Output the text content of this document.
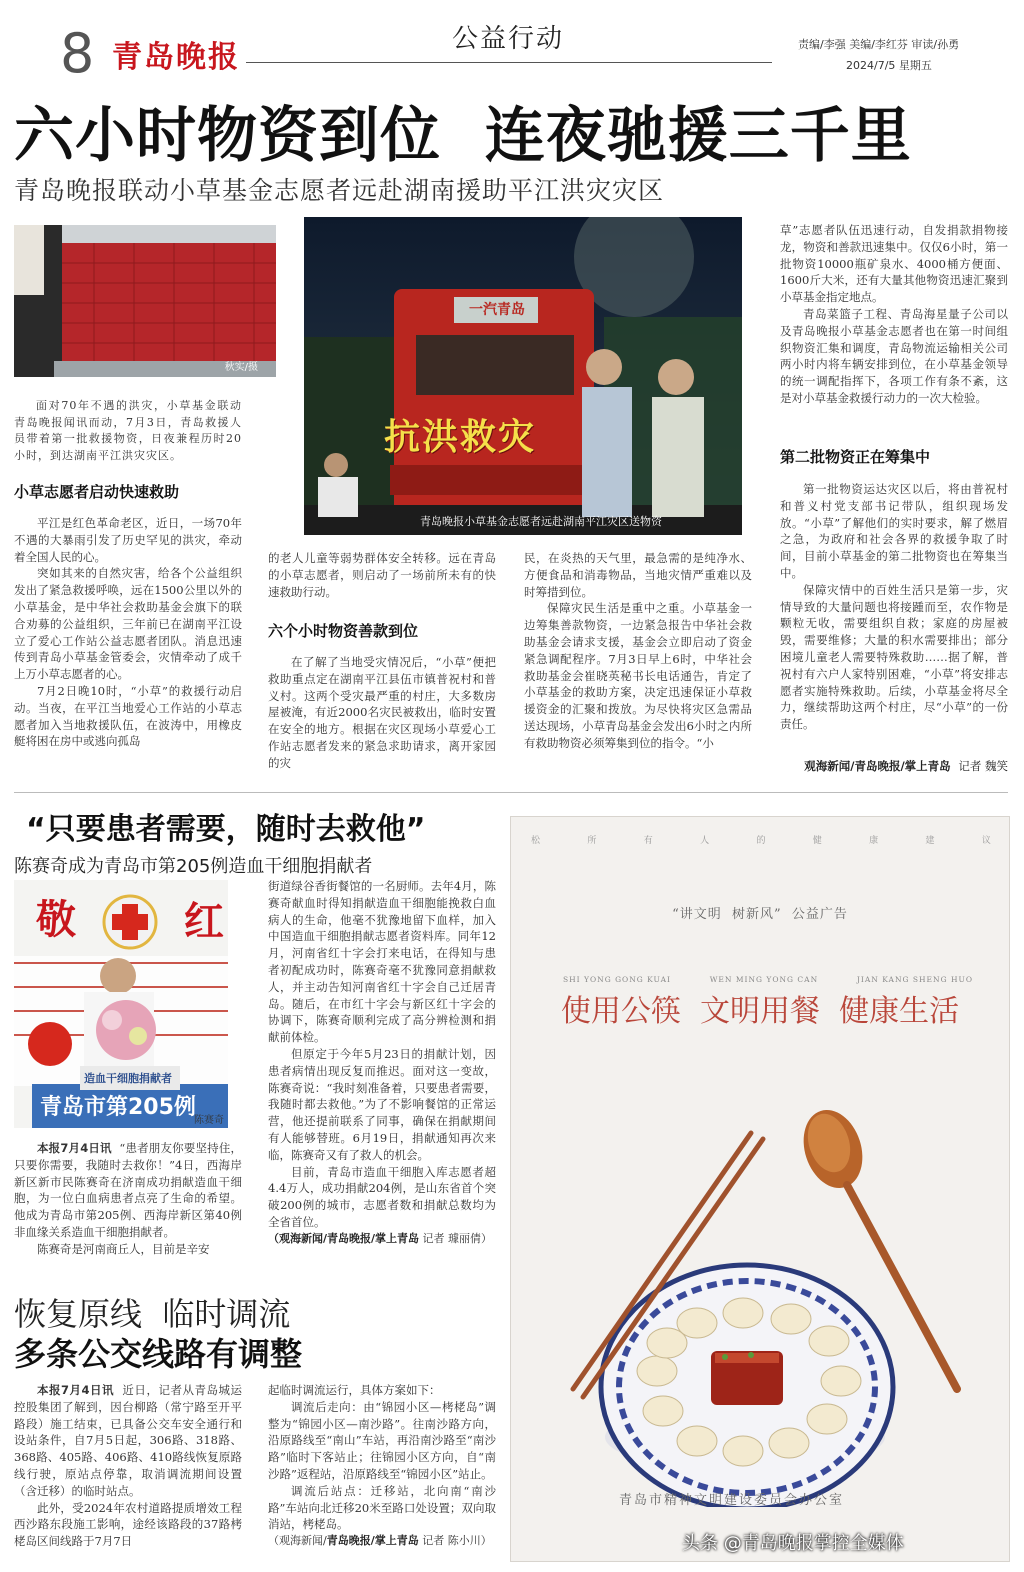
8 青岛晚报
公益行动	责编/李强 美编/李红芬 审读/孙勇
2024/7/5 星期五
六小时物资到位  连夜驰援三千里
青岛晚报联动小草基金志愿者远赴湖南援助平江洪灾灾区
秋实/摄
一汽青岛
抗洪救灾
青岛晚报小草基金志愿者远赴湖南平江灾区送物资
面对70年不遇的洪灾，小草基金联动青岛晚报闻讯而动，7月3日，青岛救援人员带着第一批救援物资，日夜兼程历时20小时，到达湖南平江洪灾灾区。
小草志愿者启动快速救助

平江是红色革命老区，近日，一场70年不遇的大暴雨引发了历史罕见的洪灾，牵动着全国人民的心。

突如其来的自然灾害，给各个公益组织发出了紧急救援呼唤，远在1500公里以外的小草基金，是中华社会救助基金会旗下的联合劝募的公益组织，三年前已在湖南平江设立了爱心工作站公益志愿者团队。消息迅速传到青岛小草基金管委会，灾情牵动了成千上万小草志愿者的心。

7月2日晚10时，“小草”的救援行动启动。当夜，在平江当地爱心工作站的小草志愿者加入当地救援队伍，在波涛中，用橡皮艇将困在房中或逃向孤岛

的老人儿童等弱势群体安全转移。远在青岛的小草志愿者，则启动了一场前所未有的快速救助行动。

六个小时物资善款到位

在了解了当地受灾情况后，“小草”便把救助重点定在湖南平江县伍市镇普祝村和普义村。这两个受灾最严重的村庄，大多数房屋被淹，有近2000名灾民被救出，临时安置在安全的地方。根据在灾区现场小草爱心工作站志愿者发来的紧急求助请求，离开家园的灾

民，在炎热的天气里，最急需的是纯净水、方便食品和消毒物品，当地灾情严重难以及时筹措到位。

保障灾民生活是重中之重。小草基金一边筹集善款物资，一边紧急报告中华社会救助基金会请求支援，基金会立即启动了资金紧急调配程序。7月3日早上6时，中华社会救助基金会崔晓英秘书长电话通告，肯定了小草基金的救助方案，决定迅速保证小草救援资金的汇聚和拨放。为尽快将灾区急需品送达现场，小草青岛基金会发出6小时之内所有救助物资必须筹集到位的指令。“小

草”志愿者队伍迅速行动，自发捐款捐物接龙，物资和善款迅速集中。仅仅6小时，第一批物资10000瓶矿泉水、4000桶方便面、1600斤大米，还有大量其他物资迅速汇聚到小草基金指定地点。

青岛菜篮子工程、青岛海星量子公司以及青岛晚报小草基金志愿者也在第一时间组织物资汇集和调度，青岛物流运输相关公司两小时内将车辆安排到位，在小草基金领导的统一调配指挥下，各项工作有条不紊，这是对小草基金救援行动力的一次大检验。

第二批物资正在筹集中

第一批物资运达灾区以后，将由普祝村和普义村党支部书记带队，组织现场发放。“小草”了解他们的实时要求，解了燃眉之急，为政府和社会各界的救援争取了时间，目前小草基金的第二批物资也在筹集当中。

保障灾情中的百姓生活只是第一步，灾情导致的大量问题也将接踵而至，农作物是颗粒无收，需要组织自救；家庭的房屋被毁，需要维修；大量的积水需要排出；部分困境儿童老人需要特殊救助……据了解，普祝村有六户人家特别困难，“小草”将安排志愿者实施特殊救助。后续，小草基金将尽全力，继续帮助这两个村庄，尽“小草”的一份责任。

观海新闻/青岛晚报/掌上青岛 记者 魏笑
“只要患者需要，随时去救他”
陈赛奇成为青岛市第205例造血干细胞捐献者
敬	红
造血干细胞捐献者
青岛市第205例
陈赛奇

本报7月4日讯 “患者朋友你要坚持住，只要你需要，我随时去救你！”4日，西海岸新区新市民陈赛奇在济南成功捐献造血干细胞，为一位白血病患者点亮了生命的希望。他成为青岛市第205例、西海岸新区第40例非血缘关系造血干细胞捐献者。

陈赛奇是河南商丘人，目前是辛安

街道绿谷香街餐馆的一名厨师。去年4月，陈赛奇献血时得知捐献造血干细胞能挽救白血病人的生命，他毫不犹豫地留下血样，加入中国造血干细胞捐献志愿者资料库。同年12月，河南省红十字会打来电话，在得知与患者初配成功时，陈赛奇毫不犹豫同意捐献救人，并主动告知河南省红十字会自己迁居青岛。随后，在市红十字会与新区红十字会的协调下，陈赛奇顺利完成了高分辨检测和捐献前体检。

但原定于今年5月23日的捐献计划，因患者病情出现反复而推迟。面对这一变故，陈赛奇说：“我时刻准备着，只要患者需要，我随时都去救他。”为了不影响餐馆的正常运营，他还提前联系了同事，确保在捐献期间有人能够替班。6月19日，捐献通知再次来临，陈赛奇又有了救人的机会。

目前，青岛市造血干细胞入库志愿者超4.4万人，成功捐献204例，是山东省首个突破200例的城市，志愿者数和捐献总数均为全省首位。

（观海新闻/青岛晚报/掌上青岛 记者 璩丽倩）

恢复原线  临时调流
多条公交线路有调整

本报7月4日讯 近日，记者从青岛城运控股集团了解到，因台柳路（常宁路至开平路段）施工结束，已具备公交车安全通行和设站条件，自7月5日起，306路、318路、368路、405路、406路、410路线恢复原路线行驶，原站点停靠，取消调流期间设置（含迁移）的临时站点。

此外，受2024年农村道路提质增效工程西沙路东段施工影响，途经该路段的37路栲栳岛区间线路于7月7日

起临时调流运行，具体方案如下：

调流后走向：由“锦园小区—栲栳岛”调整为“锦园小区—南沙路”。往南沙路方向，沿原路线至“南山”车站，再沿南沙路至“南沙路”临时下客站止；往锦园小区方向，自“南沙路”返程站，沿原路线至“锦园小区”站止。

调流后站点：迁移站，北向南“南沙路”车站向北迁移20米至路口处设置；双向取消站，栲栳岛。

（观海新闻/青岛晚报/掌上青岛 记者 陈小川）

松	所	有	人	的	健	康	建	议
“讲文明  树新风”  公益广告
SHI YONG GONG KUAI	WEN MING YONG CAN	JIAN KANG SHENG HUO
使用公筷  文明用餐  健康生活
青岛市精神文明建设委员会办公室
头条 @青岛晚报掌控全媒体
